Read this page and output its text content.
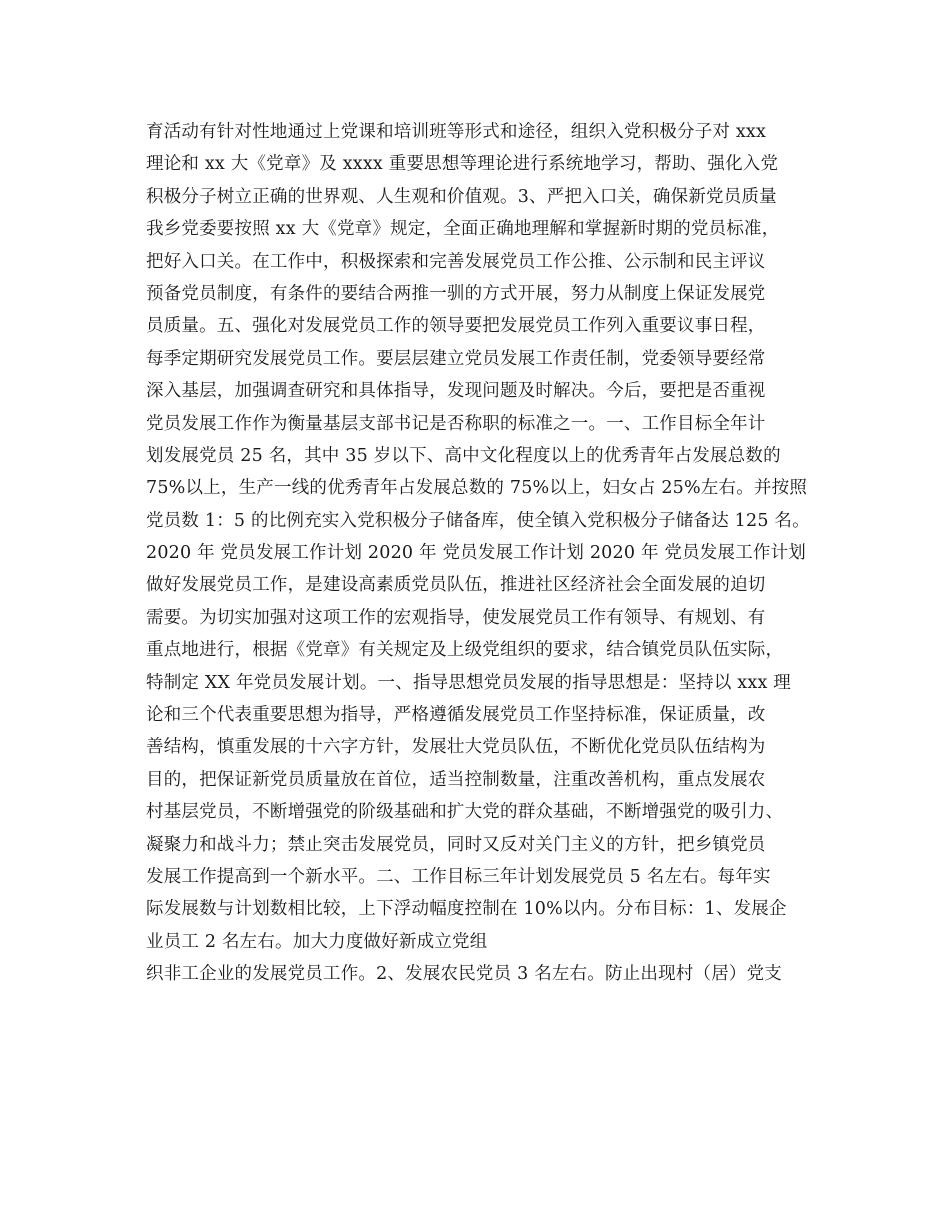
育活动有针对性地通过上党课和培训班等形式和途径，组织入党积极分子对 xxx
理论和 xx 大《党章》及 xxxx 重要思想等理论进行系统地学习，帮助、强化入党
积极分子树立正确的世界观、人生观和价值观。3、严把入口关，确保新党员质量
我乡党委要按照 xx 大《党章》规定，全面正确地理解和掌握新时期的党员标准，
把好入口关。在工作中，积极探索和完善发展党员工作公推、公示制和民主评议
预备党员制度，有条件的要结合两推一驯的方式开展，努力从制度上保证发展党
员质量。五、强化对发展党员工作的领导要把发展党员工作列入重要议事日程，
每季定期研究发展党员工作。要层层建立党员发展工作责任制，党委领导要经常
深入基层，加强调查研究和具体指导，发现问题及时解决。今后，要把是否重视
党员发展工作作为衡量基层支部书记是否称职的标准之一。一、工作目标全年计
划发展党员 25 名，其中 35 岁以下、高中文化程度以上的优秀青年占发展总数的
75%以上，生产一线的优秀青年占发展总数的 75%以上，妇女占 25%左右。并按照
党员数 1：5 的比例充实入党积极分子储备库，使全镇入党积极分子储备达 125 名。
2020 年 党员发展工作计划 2020 年 党员发展工作计划 2020 年 党员发展工作计划
做好发展党员工作，是建设高素质党员队伍，推进社区经济社会全面发展的迫切
需要。为切实加强对这项工作的宏观指导，使发展党员工作有领导、有规划、有
重点地进行，根据《党章》有关规定及上级党组织的要求，结合镇党员队伍实际，
特制定 XX 年党员发展计划。一、指导思想党员发展的指导思想是：坚持以 xxx 理
论和三个代表重要思想为指导，严格遵循发展党员工作坚持标准，保证质量，改
善结构，慎重发展的十六字方针，发展壮大党员队伍，不断优化党员队伍结构为
目的，把保证新党员质量放在首位，适当控制数量，注重改善机构，重点发展农
村基层党员，不断增强党的阶级基础和扩大党的群众基础，不断增强党的吸引力、
凝聚力和战斗力；禁止突击发展党员，同时又反对关门主义的方针，把乡镇党员
发展工作提高到一个新水平。二、工作目标三年计划发展党员 5 名左右。每年实
际发展数与计划数相比较，上下浮动幅度控制在 10%以内。分布目标：1、发展企
业员工 2 名左右。加大力度做好新成立党组
织非工企业的发展党员工作。2、发展农民党员 3 名左右。防止出现村（居）党支
